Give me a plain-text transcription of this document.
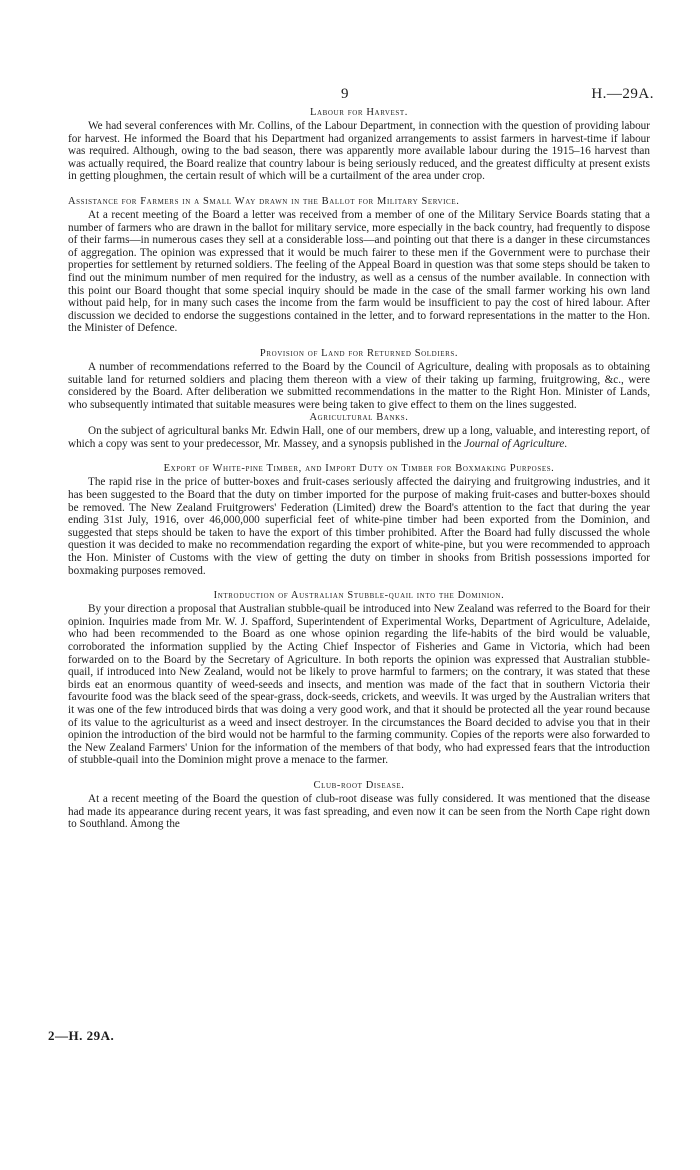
9	H.—29A.
Labour for Harvest.

We had several conferences with Mr. Collins, of the Labour Department, in connection with the question of providing labour for harvest. He informed the Board that his Department had organized arrangements to assist farmers in harvest-time if labour was required. Although, owing to the bad season, there was apparently more available labour during the 1915–16 harvest than was actually required, the Board realize that country labour is being seriously reduced, and the greatest difficulty at present exists in getting ploughmen, the certain result of which will be a curtailment of the area under crop.

Assistance for Farmers in a Small Way drawn in the Ballot for Military Service.

At a recent meeting of the Board a letter was received from a member of one of the Military Service Boards stating that a number of farmers who are drawn in the ballot for military service, more especially in the back country, had frequently to dispose of their farms—in numerous cases they sell at a considerable loss—and pointing out that there is a danger in these circumstances of aggregation. The opinion was expressed that it would be much fairer to these men if the Government were to purchase their properties for settlement by returned soldiers. The feeling of the Appeal Board in question was that some steps should be taken to find out the minimum number of men required for the industry, as well as a census of the number available. In connection with this point our Board thought that some special inquiry should be made in the case of the small farmer working his own land without paid help, for in many such cases the income from the farm would be insufficient to pay the cost of hired labour. After discussion we decided to endorse the suggestions contained in the letter, and to forward representations in the matter to the Hon. the Minister of Defence.

Provision of Land for Returned Soldiers.

A number of recommendations referred to the Board by the Council of Agriculture, dealing with proposals as to obtaining suitable land for returned soldiers and placing them thereon with a view of their taking up farming, fruitgrowing, &c., were considered by the Board. After deliberation we submitted recommendations in the matter to the Right Hon. Minister of Lands, who subsequently intimated that suitable measures were being taken to give effect to them on the lines suggested.

Agricultural Banks.

On the subject of agricultural banks Mr. Edwin Hall, one of our members, drew up a long, valuable, and interesting report, of which a copy was sent to your predecessor, Mr. Massey, and a synopsis published in the Journal of Agriculture.

Export of White-pine Timber, and Import Duty on Timber for Boxmaking Purposes.

The rapid rise in the price of butter-boxes and fruit-cases seriously affected the dairying and fruitgrowing industries, and it has been suggested to the Board that the duty on timber imported for the purpose of making fruit-cases and butter-boxes should be removed. The New Zealand Fruitgrowers' Federation (Limited) drew the Board's attention to the fact that during the year ending 31st July, 1916, over 46,000,000 superficial feet of white-pine timber had been exported from the Dominion, and suggested that steps should be taken to have the export of this timber prohibited. After the Board had fully discussed the whole question it was decided to make no recommendation regarding the export of white-pine, but you were recommended to approach the Hon. Minister of Customs with the view of getting the duty on timber in shooks from British possessions imported for boxmaking purposes removed.

Introduction of Australian Stubble-quail into the Dominion.

By your direction a proposal that Australian stubble-quail be introduced into New Zealand was referred to the Board for their opinion. Inquiries made from Mr. W. J. Spafford, Superintendent of Experimental Works, Department of Agriculture, Adelaide, who had been recommended to the Board as one whose opinion regarding the life-habits of the bird would be valuable, corroborated the information supplied by the Acting Chief Inspector of Fisheries and Game in Victoria, which had been forwarded on to the Board by the Secretary of Agriculture. In both reports the opinion was expressed that Australian stubble-quail, if introduced into New Zealand, would not be likely to prove harmful to farmers; on the contrary, it was stated that these birds eat an enormous quantity of weed-seeds and insects, and mention was made of the fact that in southern Victoria their favourite food was the black seed of the spear-grass, dock-seeds, crickets, and weevils. It was urged by the Australian writers that it was one of the few introduced birds that was doing a very good work, and that it should be protected all the year round because of its value to the agriculturist as a weed and insect destroyer. In the circumstances the Board decided to advise you that in their opinion the introduction of the bird would not be harmful to the farming community. Copies of the reports were also forwarded to the New Zealand Farmers' Union for the information of the members of that body, who had expressed fears that the introduction of stubble-quail into the Dominion might prove a menace to the farmer.

Club-root Disease.

At a recent meeting of the Board the question of club-root disease was fully considered. It was mentioned that the disease had made its appearance during recent years, it was fast spreading, and even now it can be seen from the North Cape right down to Southland. Among the

2—H. 29A.
